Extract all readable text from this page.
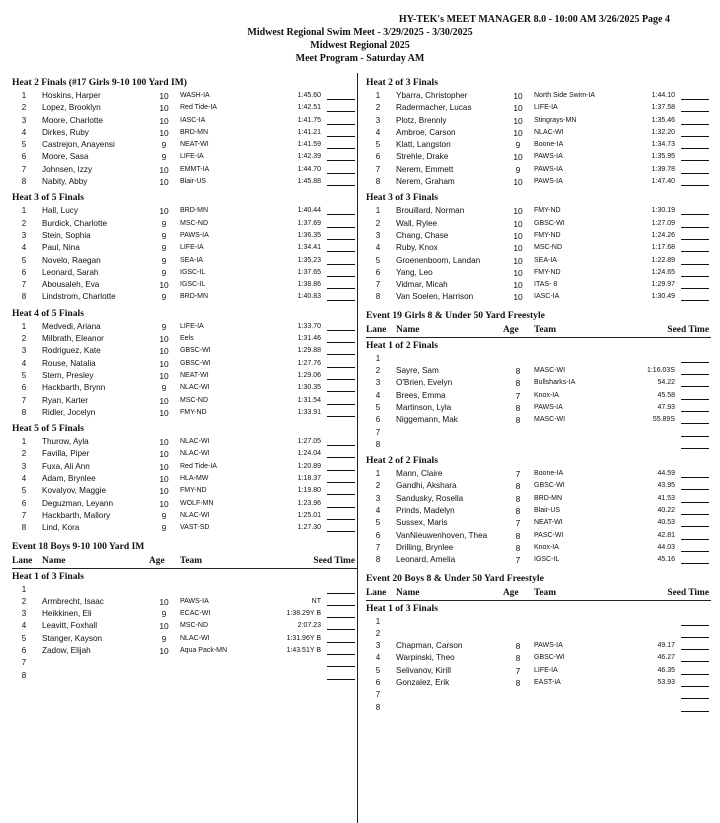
HY-TEK's MEET MANAGER 8.0 - 10:00 AM 3/26/2025 Page 4
Midwest Regional Swim Meet - 3/29/2025 - 3/30/2025
Midwest Regional 2025
Meet Program - Saturday AM
Heat 2 Finals (#17 Girls 9-10 100 Yard IM)
1	Hoskins, Harper	10	WASH-IA	1:45.60
2	Lopez, Brooklyn	10	Red Tide-IA	1:42.51
3	Moore, Charlotte	10	IASC-IA	1:41.75
4	Dirkes, Ruby	10	BRD-MN	1:41.21
5	Castrejon, Anayensi	9	NEAT-WI	1:41.59
6	Moore, Sasa	9	LIFE-IA	1:42.39
7	Johnsen, Izzy	10	EMMT-IA	1:44.70
8	Nabity, Abby	10	Blair-US	1:45.88
Heat 3 of 5 Finals
1	Hall, Lucy	10	BRD-MN	1:40.44
2	Burdick, Charlotte	9	MSC-ND	1:37.69
3	Stein, Sophia	9	PAWS-IA	1:36.35
4	Paul, Nina	9	LIFE-IA	1:34.41
5	Novelo, Raegan	9	SEA-IA	1:35.23
6	Leonard, Sarah	9	IGSC-IL	1:37.65
7	Abousaleh, Eva	10	IGSC-IL	1:38.86
8	Lindstrom, Charlotte	9	BRD-MN	1:40.83
Heat 4 of 5 Finals
1	Medvedi, Ariana	9	LIFE-IA	1:33.70
2	Milbrath, Eleanor	10	Eels	1:31.46
3	Rodriguez, Kate	10	GBSC-WI	1:29.88
4	Rouse, Natalia	10	GBSC-WI	1:27.76
5	Stern, Presley	10	NEAT-WI	1:29.06
6	Hackbarth, Brynn	9	NLAC-WI	1:30.35
7	Ryan, Karter	10	MSC-ND	1:31.54
8	Ridler, Jocelyn	10	FMY-ND	1:33.91
Heat 5 of 5 Finals
1	Thurow, Ayla	10	NLAC-WI	1:27.05
2	Favilla, Piper	10	NLAC-WI	1:24.04
3	Fuxa, Ali Ann	10	Red Tide-IA	1:20.89
4	Adam, Brynlee	10	HLA-MW	1:18.37
5	Kovalyov, Maggie	10	FMY-ND	1:19.80
6	Deguzman, Leyann	10	WOLF-MN	1:23.96
7	Hackbarth, Mallory	9	NLAC-WI	1:25.01
8	Lind, Kora	9	VAST-SD	1:27.30
Event 18 Boys 9-10 100 Yard IM
Lane Name	Age Team	Seed Time
Heat 1 of 3 Finals
1
2	Armbrecht, Isaac	10	PAWS-IA	NT
3	Heikkinen, Eli	9	ECAC-WI	1:38.29Y B
4	Leavitt, Foxhall	10	MSC-ND	2:07.23
5	Stanger, Kayson	9	NLAC-WI	1:31.96Y B
6	Zadow, Elijah	10	Aqua Pack-MN	1:43.51Y B
7
8
Heat 2 of 3 Finals
1	Ybarra, Christopher	10	North Side Swim-IA	1:44.10
2	Radermacher, Lucas	10	LIFE-IA	1:37.58
3	Plotz, Brennly	10	Stingrays-MN	1:35.46
4	Ambroe, Carson	10	NLAC-WI	1:32.20
5	Klatt, Langston	9	Boone-IA	1:34.73
6	Strehle, Drake	10	PAWS-IA	1:35.95
7	Nerem, Emmett	9	PAWS-IA	1:39.78
8	Nerem, Graham	10	PAWS-IA	1:47.40
Heat 3 of 3 Finals
1	Brouillard, Norman	10	FMY-ND	1:30.19
2	Wall, Rylee	10	GBSC-WI	1:27.09
3	Chang, Chase	10	FMY-ND	1:24.26
4	Ruby, Knox	10	MSC-ND	1:17.68
5	Groenenboom, Landan	10	SEA-IA	1:22.89
6	Yang, Leo	10	FMY-ND	1:24.65
7	Vidmar, Micah	10	ITAS- 8	1:29.97
8	Van Soelen, Harrison	10	IASC-IA	1:30.49
Event 19 Girls 8 & Under 50 Yard Freestyle
Lane Name	Age Team	Seed Time
Heat 1 of 2 Finals
1
2	Sayre, Sam	8	MASC-WI	1:16.03S
3	O'Brien, Evelyn	8	Bullsharks-IA	54.22
4	Brees, Emma	7	Knox-IA	45.58
5	Martinson, Lyla	8	PAWS-IA	47.93
6	Niggemann, Mak	8	MASC-WI	55.89S
7
8
Heat 2 of 2 Finals
1	Mann, Claire	7	Boone-IA	44.59
2	Gandhi, Akshara	8	GBSC-WI	43.95
3	Sandusky, Rosella	8	BRD-MN	41.53
4	Prinds, Madelyn	8	Blair-US	40.22
5	Sussex, Maris	7	NEAT-WI	40.53
6	VanNieuwenhoven, Thea	8	PASC-WI	42.81
7	Drilling, Brynlee	8	Knox-IA	44.03
8	Leonard, Amelia	7	IGSC-IL	45.16
Event 20 Boys 8 & Under 50 Yard Freestyle
Lane Name	Age Team	Seed Time
Heat 1 of 3 Finals
1
2
3	Chapman, Carson	8	PAWS-IA	49.17
4	Warpinski, Theo	8	GBSC-WI	46.27
5	Selivanov, Kirill	7	LIFE-IA	46.35
6	Gonzalez, Erik	8	EAST-IA	53.93
7
8
